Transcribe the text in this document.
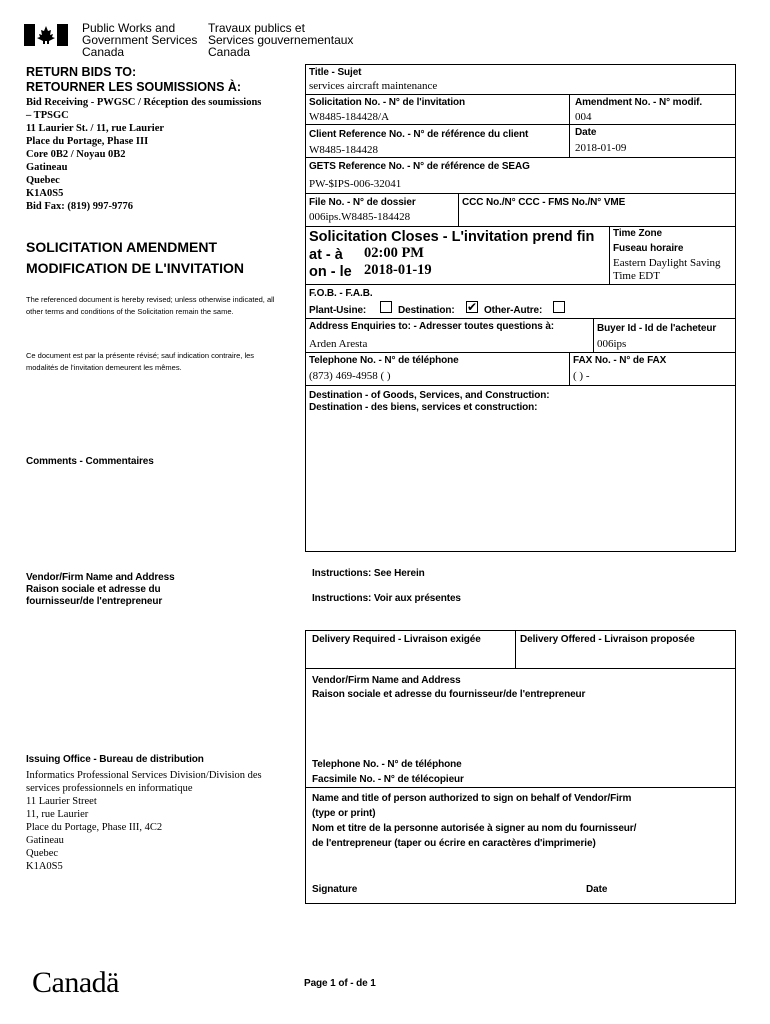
Public Works and
Government Services
Canada
Travaux publics et
Services gouvernementaux
Canada
RETURN BIDS TO:
RETOURNER LES SOUMISSIONS À:
Bid Receiving - PWGSC / Réception des soumissions
– TPSGC
11 Laurier St. / 11, rue Laurier
Place du Portage, Phase III
Core 0B2 / Noyau 0B2
Gatineau
Quebec
K1A0S5
Bid Fax: (819) 997-9776
SOLICITATION AMENDMENT
MODIFICATION DE L'INVITATION
The referenced document is hereby revised; unless otherwise indicated, all other terms and conditions of the Solicitation remain the same.
Ce document est par la présente révisé; sauf indication contraire, les modalités de l'invitation demeurent les mêmes.
Comments - Commentaires
Vendor/Firm Name and Address
Raison sociale et adresse du
fournisseur/de l'entrepreneur
Issuing Office - Bureau de distribution
Informatics Professional Services Division/Division des
services professionnels en informatique
11 Laurier Street
11, rue Laurier
Place du Portage, Phase III, 4C2
Gatineau
Quebec
K1A0S5
Title - Sujet
services aircraft maintenance
Solicitation No. - N° de l'invitation
W8485-184428/A
Amendment No. - N° modif.
004
Client Reference No. - N° de référence du client
W8485-184428
Date
2018-01-09
GETS Reference No. - N° de référence de SEAG
PW-$IPS-006-32041
File No. - N° de dossier
006ips.W8485-184428
CCC No./N° CCC - FMS No./N° VME
Solicitation Closes - L'invitation prend fin
at - à 02:00 PM
on - le 2018-01-19
Time Zone
Fuseau horaire
Eastern Daylight Saving
Time EDT
F.O.B. - F.A.B.
Plant-Usine:	Destination: ✔ Other-Autre:
Address Enquiries to: - Adresser toutes questions à:
Arden Aresta
Buyer Id - Id de l'acheteur
006ips
Telephone No. - N° de téléphone
(873) 469-4958 ( )
FAX No. - N° de FAX
( ) -
Destination - of Goods, Services, and Construction:
Destination - des biens, services et construction:
Instructions: See Herein
Instructions: Voir aux présentes
Delivery Required - Livraison exigée	Delivery Offered - Livraison proposée
Vendor/Firm Name and Address
Raison sociale et adresse du fournisseur/de l'entrepreneur
Telephone No. - N° de téléphone
Facsimile No. - N° de télécopieur
Name and title of person authorized to sign on behalf of Vendor/Firm
(type or print)
Nom et titre de la personne autorisée à signer au nom du fournisseur/
de l'entrepreneur (taper ou écrire en caractères d'imprimerie)
Signature	Date
Page 1 of - de 1
Canadä
